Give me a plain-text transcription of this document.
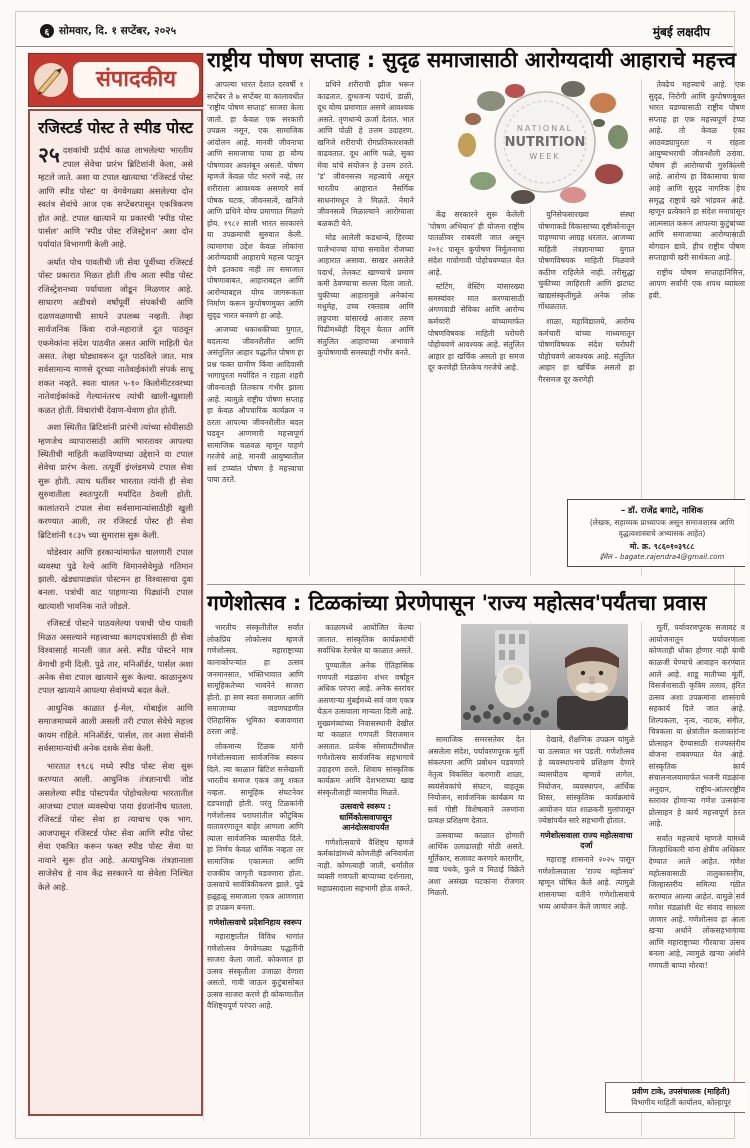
६ सोमवार, दि. १ सप्टेंबर, २०२५	मुंबई लक्षदीप
संपादकीय
रजिस्टर्ड पोस्ट ते स्पीड पोस्ट
२५ दशकांची प्रदीर्घ काळ लाभलेल्या भारतीय टपाल सेवेचा प्रारंभ ब्रिटिशांनी केला, असे म्हटले जाते. अशा या टपाल खात्याचा 'रजिस्टर्ड पोस्ट आणि स्पीड पोस्ट' या वेगवेगळ्या असलेल्या दोन स्वतंत्र सेवांचे आज एक सप्टेंबरपासून एकत्रिकरण होत आहे. टपाल खात्याने या प्रकारची 'स्पीड पोस्ट पार्सल' आणि 'स्पीड पोस्ट रजिस्ट्रेशन' अशा दोन पर्यायांत विभागणी केली आहे.

अर्थात पोच पावतीची जी सेवा पूर्वीच्या रजिस्टर्ड पोस्ट प्रकारात मिळत होती तीच आता स्पीड पोस्ट रजिस्ट्रेशनच्या पर्यायाला जोडून मिळणार आहे. साधारण अडीचशे वर्षांपूर्वी संपर्काची आणि दळणवळणाची साधने उपलब्ध नव्हती. तेव्हा सार्वजनिक किंवा राजे-महाराजे दूत पाठवून एकमेकांना संदेश पाठवीत असत आणि माहिती घेत असत. तेव्हा घोड्यावरून दूत पाठविले जात. मात्र सर्वसामान्य माणसे दूरच्या नातेवाईकांशी संपर्क साधू शकत नव्हते. स्वतः चालत ५-१० किलोमीटरवरच्या नातेवाईकांकडे गेल्यानंतरच त्यांची खाली-खुशाली कळत होती. विचारांची देवाण-घेवाण होत होती.

अशा स्थितीत ब्रिटिशांनी प्रारंभी त्यांच्या सोयीसाठी म्हणजेच व्यापारासाठी आणि भारतावर आपल्या स्थितीची माहिती कळविण्याच्या उद्देशाने या टपाल सेवेचा प्रारंभ केला. तत्पूर्वी इंग्लंडमध्ये टपाल सेवा सुरू होती. त्याच धर्तीवर भारतात त्यांनी ही सेवा सुरुवातीला स्वतःपुरती मर्यादित ठेवली होती. कालांतराने टपाल सेवा सर्वसामान्यांसाठीही खुली करण्यात आली, तर रजिस्टर्ड पोस्ट ही सेवा ब्रिटिशांनी १८३५ च्या सुमारास सुरू केली.

घोडेस्वार आणि हरकाऱ्यांमार्फत चालणारी टपाल व्यवस्था पुढे रेल्वे आणि विमानसेवेमुळे गतिमान झाली. खेड्यापाड्यांत पोस्टमन हा विश्वासाचा दुवा बनला. पत्रांची वाट पाहणाऱ्या पिढ्यांनी टपाल खात्याशी भावनिक नाते जोडले.

रजिस्टर्ड पोस्टने पाठवलेल्या पत्राची पोच पावती मिळत असल्याने महत्त्वाच्या कागदपत्रांसाठी ही सेवा विश्वासार्ह मानली जात असे. स्पीड पोस्टने मात्र वेगाची हमी दिली. पुढे तार, मनिऑर्डर, पार्सल अशा अनेक सेवा टपाल खात्याने सुरू केल्या. काळानुरूप टपाल खात्याने आपल्या सेवांमध्ये बदल केले.

आधुनिक काळात ई-मेल, मोबाईल आणि समाजमाध्यमे आली असली तरी टपाल सेवेचे महत्त्व कायम राहिले. मनिऑर्डर, पार्सल, तार अशा सेवांनी सर्वसामान्यांची अनेक दशके सेवा केली.

भारतात १९८६ मध्ये स्पीड पोस्ट सेवा सुरू करण्यात आली. आधुनिक तंत्रज्ञानाची जोड असलेल्या स्पीड पोस्टपर्यंत पोहोचलेल्या भारतातील आजच्या टपाल व्यवस्थेचा पाया इंग्रजांनीच घातला. रजिस्टर्ड पोस्ट सेवा हा त्याचाच एक भाग. आजपासून रजिस्टर्ड पोस्ट सेवा आणि स्पीड पोस्ट सेवा एकत्रित करून फक्त स्पीड पोस्ट सेवा या नावाने सुरू होत आहे. अत्याधुनिक तंत्रज्ञानाला साजेसेच हे नाव केंद्र सरकारने या सेवेला निश्चित केले आहे.

राष्ट्रीय पोषण सप्ताह : सुदृढ समाजासाठी आरोग्यदायी आहाराचे महत्त्व
NATIONAL
NUTRITION
WEEK
– डॉ. राजेंद्र बगाटे, नाशिक
(लेखक, सहाय्यक प्राध्यापक असून समाजशास्त्र आणि वृद्धत्वशास्त्राचे अभ्यासक आहेत)
मो. क्र. ९८६०१०३९८८
ईमेल – bagate.rajendra4@gmail.com

आपल्या भारत देशात दरवर्षी १ सप्टेंबर ते ७ सप्टेंबर या कालावधीत 'राष्ट्रीय पोषण सप्ताह' साजरा केला जातो. हा केवळ एक सरकारी उपक्रम नसून, एक सामाजिक आंदोलन आहे. मानवी जीवनाचा आणि समाजाचा पाया हा योग्य पोषणावर अवलंबून असतो. पोषण म्हणजे केवळ पोट भरणे नव्हे, तर शरीराला आवश्यक असणारे सर्व पोषक घटक, जीवनसत्वे, खनिजे आणि प्रथिने योग्य प्रमाणात मिळणे होय. १९८२ साली भारत सरकारने या उपक्रमाची सुरुवात केली. त्यामागचा उद्देश केवळ लोकांना आरोग्यदायी आहाराचे महत्त्व पटवून देणे इतकाच नाही तर समाजात पोषणाबाबत, आहाराबद्दल आणि आरोग्याबद्दल योग्य जागरूकता निर्माण करून कुपोषणमुक्त आणि सुदृढ भारत बनवणे हा आहे.

आजच्या धकाधकीच्या युगात, बदलत्या जीवनशैलीत आणि असंतुलित आहार पद्धतीत पोषण हा प्रश्न फक्त ग्रामीण किंवा आदिवासी भागापुरता मर्यादित न राहता शहरी जीवनातही तितकाच गंभीर झाला आहे. त्यामुळे राष्ट्रीय पोषण सप्ताह हा केवळ औपचारिक कार्यक्रम न ठरता आपल्या जीवनशैलीत बदल घडवून आणणारी महत्त्वपूर्ण सामाजिक चळवळ म्हणून पाहणे गरजेचे आहे. मानवी आयुष्यातील सर्व टप्प्यांत पोषण हे महत्त्वाचा पाया ठरते.

प्रथिने शरीराची झीज भरून काढतात. दुग्धजन्य पदार्थ, डाळी, दूध योग्य प्रमाणात असणे आवश्यक असते. तृणधान्ये ऊर्जा देतात. भात आणि पोळी हे उत्तम उदाहरण. खनिजे शरीराची रोगप्रतिकारशक्ती वाढवतात. दूध आणि फळे, सुका मेवा यांचे संयोजन हे उत्तम ठरते. 'ड' जीवनसत्त्व महत्त्वाचे असून भारतीय आहारात नैसर्गिक साधनांमधून ते मिळते. नेमाने जीवनसत्वे मिळाल्याने आरोग्याला बळकटी येते.

मोड आलेली कडधान्ये, हिरव्या पालेभाज्या यांचा समावेश रोजच्या आहारात असावा. साखर असलेले पदार्थ, तेलकट खाण्याचे प्रमाण कमी ठेवण्याचा सल्ला दिला जातो. चुकीच्या आहारामुळे अनेकांना मधुमेह, उच्च रक्तदाब आणि लठ्ठपणा यांसारखे आजार तरुण पिढीमध्येही दिसून येतात आणि संतुलित आहाराच्या अभावाने कुपोषणाची समस्याही गंभीर बनते.

केंद्र सरकारने सुरू केलेली 'पोषण अभियान' ही योजना राष्ट्रीय पातळीवर राबवली जात असून २०१८ पासून कुपोषण निर्मूलनाचा संदेश गावोगावी पोहोचवण्यात येत आहे.

स्टंटिंग, वेस्टिंग यांसारख्या समस्यांवर मात करण्यासाठी अंगणवाडी सेविका आणि आरोग्य कर्मचारी यांच्यामार्फत पोषणविषयक माहिती घरोघरी पोहोचवणे आवश्यक आहे. संतुलित आहार हा खर्चिक असतो हा समज दूर करणेही तितकेच गरजेचे आहे.

युनिसेफसारख्या संस्था पोषणाकडे विकासाच्या दृष्टीकोनातून पाहण्याचा आग्रह धरतात. आजच्या माहिती तंत्रज्ञानाच्या युगात पोषणविषयक माहिती मिळवणे कठीण राहिलेले नाही. तरीसुद्धा चुकीच्या जाहिराती आणि झटपट खाद्यसंस्कृतीमुळे अनेक लोक गोंधळतात.

शाळा, महाविद्यालये, आरोग्य कर्मचारी यांच्या माध्यमातून पोषणविषयक संदेश घरोघरी पोहोचवणे आवश्यक आहे. संतुलित आहार हा खर्चिक असतो हा गैरसमज दूर करणेही

तेवढेच महत्त्वाचे आहे. एक सुदृढ, निरोगी आणि कुपोषणमुक्त भारत घडण्यासाठी राष्ट्रीय पोषण सप्ताह हा एक महत्त्वपूर्ण टप्पा आहे. तो केवळ एका आठवड्यापुरता न राहता आयुष्यभराची जीवनशैली ठरावा. पोषण ही आरोग्याची गुरुकिल्ली आहे. आरोग्य हा विकासाचा पाया आहे आणि सुदृढ नागरिक हेच समृद्ध राष्ट्राचे खरे भांडवल आहे. म्हणून प्रत्येकाने हा संदेश मनापासून आत्मसात करून आपल्या कुटुंबाच्या आणि समाजाच्या आरोग्यासाठी योगदान द्यावे. हीच राष्ट्रीय पोषण सप्ताहाची खरी सार्थकता आहे.

राष्ट्रीय पोषण सप्ताहानिमित्त, आपण सर्वांनी एक शपथ घ्यायला हवी.

गणेशोत्सव : टिळकांच्या प्रेरणेपासून 'राज्य महोत्सव'पर्यंतचा प्रवास
प्रवीण टाके, उपसंचालक (माहिती)
विभागीय माहिती कार्यालय, कोल्हापूर

भारतीय संस्कृतीतील सर्वांत लोकप्रिय लोकोत्सव म्हणजे गणेशोत्सव. महाराष्ट्राच्या कानाकोपऱ्यांत हा उत्सव जनमानसात, भक्तिभावात आणि सामूहिकतेच्या भावनेने साजरा होतो. हा सण स्वतः समाजात आणि समाजाच्या जडणघडणीत ऐतिहासिक भूमिका बजावणारा ठरला आहे.

लोकमान्य टिळक यांनी गणेशोत्सवाला सार्वजनिक स्वरूप दिले. त्या काळात ब्रिटिश सत्तेखाली भारतीय समाज एकत्र जमू शकत नव्हता. सामूहिक संघटनेवर दडपशाही होती. परंतु टिळकांनी गणेशोत्सव घराघरांतील कौटुंबिक वातावरणातून बाहेर आणला आणि त्याला सार्वजनिक व्यासपीठ दिले. हा निर्णय केवळ धार्मिक नव्हता तर सामाजिक एकात्मता आणि राजकीय जागृती घडवणारा होता. उत्सवाचे सार्वत्रिकीकरण झाले. पुढे हळूहळू समाजाला एकत्र आणणारा हा उपक्रम बनला.

गणेशोत्सवाचे प्रदेशनिहाय स्वरूप

महाराष्ट्रातील विविध भागांत गणेशोत्सव वेगवेगळ्या पद्धतींनी साजरा केला जातो. कोकणात हा उत्सव संस्कृतीला उजाळा देणारा असतो. गावी जाऊन कुटुंबासोबत उत्सव साजरा करणे ही कोकणातील वैशिष्ट्यपूर्ण परंपरा आहे.

काळामध्ये आयोजित केल्या जातात. सांस्कृतिक कार्यक्रमांची सर्वाधिक रेलचेल या काळात असते.

पुण्यातील अनेक ऐतिहासिक गणपती मंडळांना शंभर वर्षांहून अधिक परंपरा आहे. अनेक स्तरांवर असणाऱ्या मुंबईमध्ये सर्व जण एकत्र येऊन उत्सवाला मान्यता दिली आहे. मुख्यमंत्र्यांच्या निवासस्थानी देखील या काळात गणपती विराजमान असतात. प्रत्येक सोसायटीमधील गणेशोत्सव सार्वजनिक सहभागाचे उदाहरण ठरले. शिवाय सांस्कृतिक कार्यक्रम आणि देशभराच्या खाद्य संस्कृतीलाही व्यासपीठ मिळते.

उत्सवाचे स्वरूप : धार्मिकोत्सवापासून आनंदोत्सवापर्यंत

गणेशोत्सवाचे वैशिष्ट्य म्हणजे कर्मकांडांमध्ये कोणतीही अनिवार्यता नाही. कोणत्याही जाती, धर्मांतील व्यक्ती गणपती बाप्पाच्या दर्शनाला, महाप्रसादाला सहभागी होऊ शकते.

सामाजिक समरसतेवर देत असलेला संदेश, पर्यावरणपूरक मूर्ती संकल्पना आणि प्रबोधन घडवणारे नेतृत्व विकसित करणारी शाळा, स्वयंसेवकांचे संघटन, वाहतूक नियोजन, सार्वजनिक कार्यक्रम या सर्व गोष्टी विशेषत्वाने तरुणांना प्रत्यक्ष प्रशिक्षण देतात.

उत्सवाच्या काळात होणारी आर्थिक उलाढालही मोठी असते. मूर्तिकार, सजावट करणारे कारागीर, वाद्य पथके, फुले व मिठाई विक्रेते अशा असंख्य घटकांना रोजगार मिळतो.

देखावे, शैक्षणिक उपक्रम यांमुळे या उत्सवात भर पडली. गणेशोत्सव हे व्यवस्थापनाचे प्रशिक्षण देणारे व्यासपीठच म्हणावे लागेल. नियोजन, व्यवस्थापन, आर्थिक शिस्त, सांस्कृतिक कार्यक्रमांचे आयोजन यांत शाळकरी मुलांपासून ज्येष्ठांपर्यंत सारे सहभागी होतात.

गणेशोत्सवाला राज्य महोत्सवाचा दर्जा

महाराष्ट्र शासनाने २०२५ पासून गणेशोत्सवाला 'राज्य महोत्सव' म्हणून घोषित केले आहे. त्यामुळे शासनाच्या वतीने गणेशोत्सवाचे भव्य आयोजन केले जाणार आहे.

मूर्ती, पर्यावरणपूरक सजावट व आयोजनातून पर्यावरणाला कोणताही धोका होणार नाही याची काळजी घेण्याचे आवाहन करण्यात आले आहे. शाडू मातीच्या मूर्ती, विसर्जनासाठी कृत्रिम तलाव, हरित उत्सव अशा उपक्रमांना शासनाचे सहकार्य दिले जात आहे. शिल्पकला, नृत्य, नाटक, संगीत, चित्रकला या क्षेत्रांतील कलाकारांना प्रोत्साहन देण्यासाठी राज्यस्तरीय योजना राबवण्यात येत आहे. सांस्कृतिक कार्य संचालनालयामार्फत भजनी मंडळांना अनुदान, राष्ट्रीय-आंतरराष्ट्रीय स्तरावर होणाऱ्या गणेश उत्सवांना प्रोत्साहन हे कार्य महत्त्वपूर्ण ठरत आहे.

सर्वांत महत्त्वाचे म्हणजे यामध्ये जिल्हाधिकारी यांना क्षेत्रीय अधिकार देण्यात आले आहेत. गणेश महोत्सवासाठी तालुकास्तरीय, जिल्हास्तरीय समित्या गठीत करण्यात आल्या आहेत. यामुळे सर्व गणेश मंडळांशी थेट संवाद साधला जाणार आहे. गणेशोत्सव हा आता खऱ्या अर्थाने लोकसहभागाचा आणि महाराष्ट्राच्या गौरवाचा उत्सव बनला आहे, त्यामुळे खऱ्या अर्थाने गणपती बाप्पा मोरया!
